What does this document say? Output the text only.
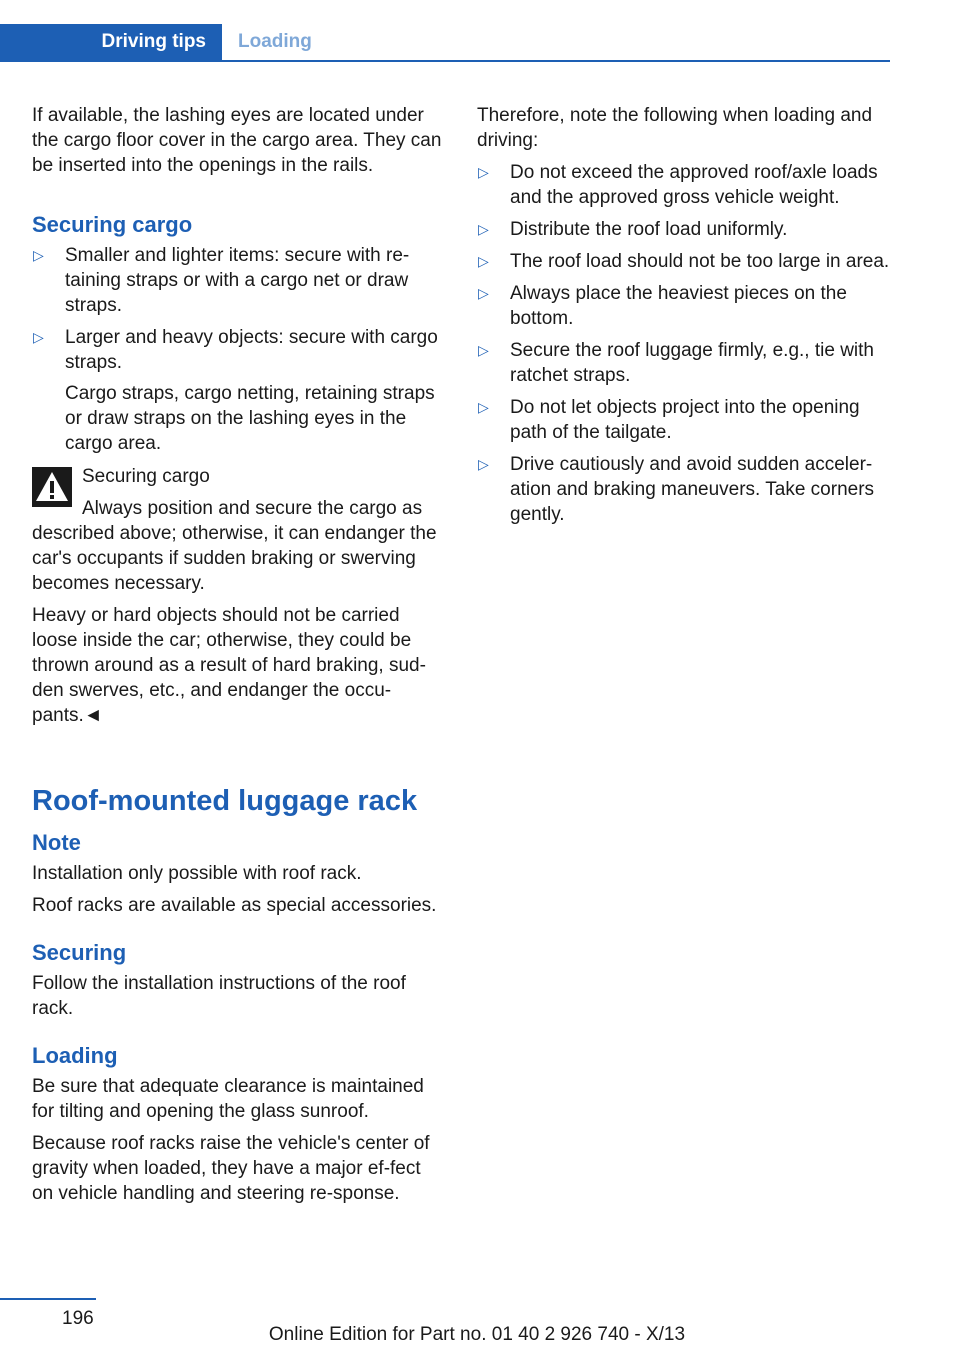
Driving tips	Loading

If available, the lashing eyes are located under the cargo floor cover in the cargo area. They can be inserted into the openings in the rails.

Securing cargo
▷ Smaller and lighter items: secure with re-taining straps or with a cargo net or draw straps.
▷ Larger and heavy objects: secure with cargo straps.
Cargo straps, cargo netting, retaining straps or draw straps on the lashing eyes in the cargo area.
Securing cargo

Always position and secure the cargo as described above; otherwise, it can endanger the car's occupants if sudden braking or swerving becomes necessary.

Heavy or hard objects should not be carried loose inside the car; otherwise, they could be thrown around as a result of hard braking, sud-den swerves, etc., and endanger the occu-pants.◄

Roof-mounted luggage rack
Note

Installation only possible with roof rack.

Roof racks are available as special accessories.

Securing

Follow the installation instructions of the roof rack.

Loading

Be sure that adequate clearance is maintained for tilting and opening the glass sunroof.

Because roof racks raise the vehicle's center of gravity when loaded, they have a major ef-fect on vehicle handling and steering re-sponse.

Therefore, note the following when loading and driving:

▷ Do not exceed the approved roof/axle loads and the approved gross vehicle weight.
▷ Distribute the roof load uniformly.
▷ The roof load should not be too large in area.
▷ Always place the heaviest pieces on the bottom.
▷ Secure the roof luggage firmly, e.g., tie with ratchet straps.
▷ Do not let objects project into the opening path of the tailgate.
▷ Drive cautiously and avoid sudden acceler-ation and braking maneuvers. Take corners gently.
196
Online Edition for Part no. 01 40 2 926 740 - X/13
